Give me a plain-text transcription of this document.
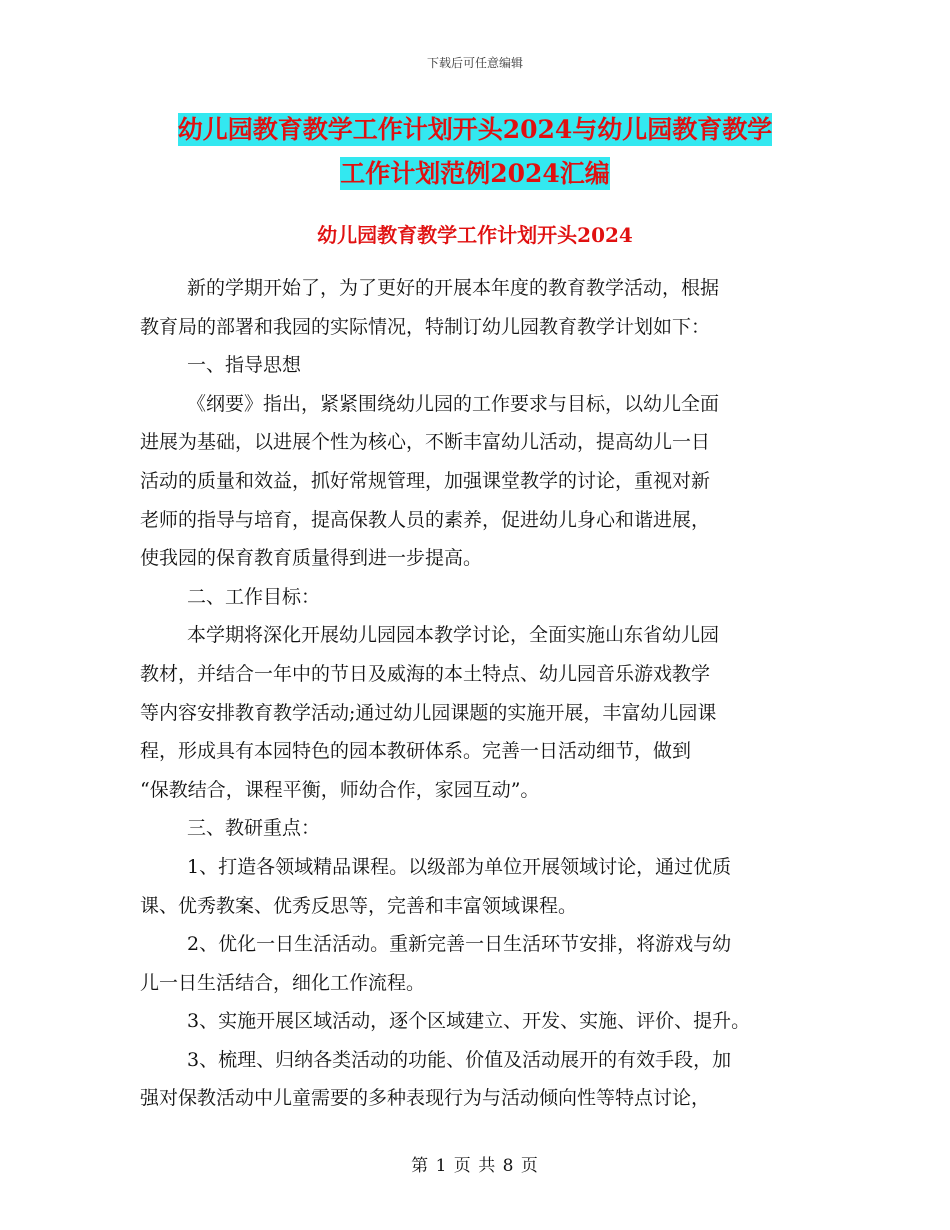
下载后可任意编辑
幼儿园教育教学工作计划开头2024与幼儿园教育教学
工作计划范例2024汇编
幼儿园教育教学工作计划开头2024
新的学期开始了，为了更好的开展本年度的教育教学活动，根据
教育局的部署和我园的实际情况，特制订幼儿园教育教学计划如下：
一、指导思想
《纲要》指出，紧紧围绕幼儿园的工作要求与目标，以幼儿全面
进展为基础，以进展个性为核心，不断丰富幼儿活动，提高幼儿一日
活动的质量和效益，抓好常规管理，加强课堂教学的讨论，重视对新
老师的指导与培育，提高保教人员的素养，促进幼儿身心和谐进展，
使我园的保育教育质量得到进一步提高。
二、工作目标：
本学期将深化开展幼儿园园本教学讨论，全面实施山东省幼儿园
教材，并结合一年中的节日及威海的本土特点、幼儿园音乐游戏教学
等内容安排教育教学活动;通过幼儿园课题的实施开展，丰富幼儿园课
程，形成具有本园特色的园本教研体系。完善一日活动细节，做到
“保教结合，课程平衡，师幼合作，家园互动”。
三、教研重点：
1、打造各领域精品课程。以级部为单位开展领域讨论，通过优质
课、优秀教案、优秀反思等，完善和丰富领域课程。
2、优化一日生活活动。重新完善一日生活环节安排，将游戏与幼
儿一日生活结合，细化工作流程。
3、实施开展区域活动，逐个区域建立、开发、实施、评价、提升。
3、梳理、归纳各类活动的功能、价值及活动展开的有效手段，加
强对保教活动中儿童需要的多种表现行为与活动倾向性等特点讨论，
第 1 页 共 8 页
